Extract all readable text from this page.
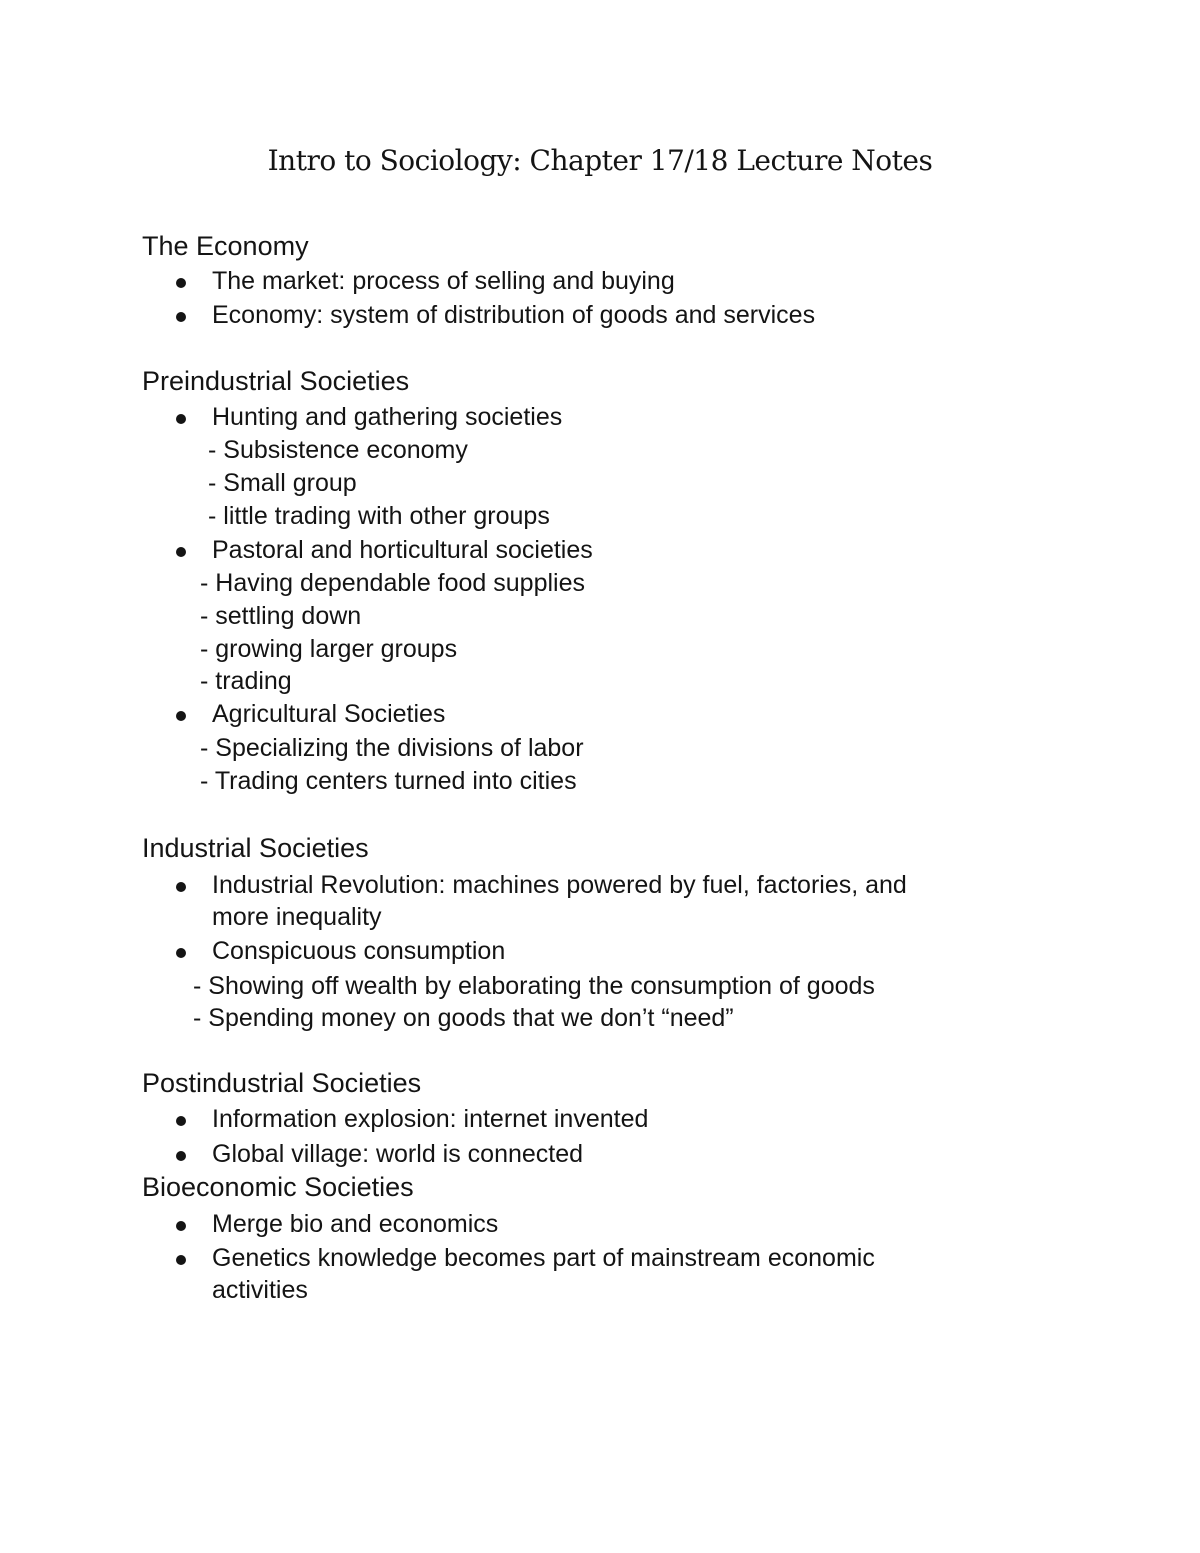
Intro to Sociology: Chapter 17/18 Lecture Notes

The Economy

The market: process of selling and buying

Economy: system of distribution of goods and services

Preindustrial Societies

Hunting and gathering societies

- Subsistence economy

- Small group

- little trading with other groups

Pastoral and horticultural societies

- Having dependable food supplies

- settling down

- growing larger groups

- trading

Agricultural Societies

- Specializing the divisions of labor

- Trading centers turned into cities

Industrial Societies

Industrial Revolution: machines powered by fuel, factories, and

more inequality

Conspicuous consumption

- Showing off wealth by elaborating the consumption of goods

- Spending money on goods that we don’t “need”

Postindustrial Societies

Information explosion: internet invented

Global village: world is connected

Bioeconomic Societies

Merge bio and economics

Genetics knowledge becomes part of mainstream economic

activities
